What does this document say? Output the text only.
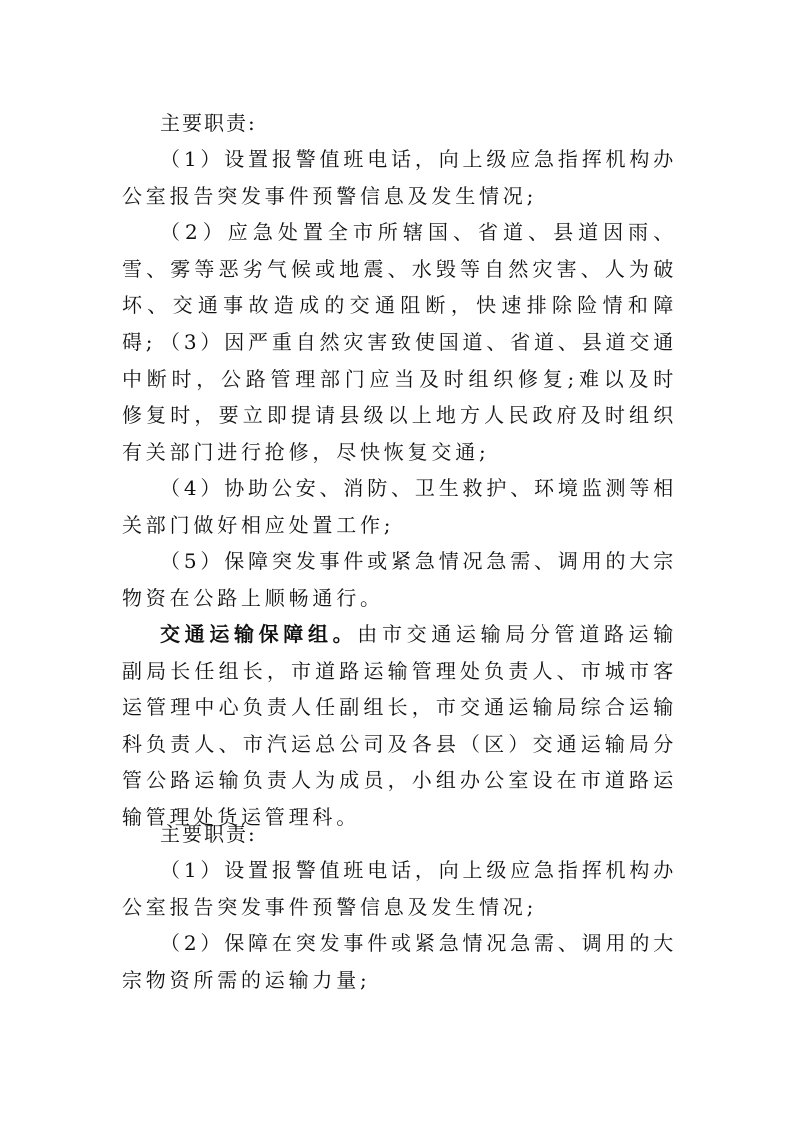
主要职责:

（1）设置报警值班电话，向上级应急指挥机构办公室报告突发事件预警信息及发生情况;

（2）应急处置全市所辖国、省道、县道因雨、雪、雾等恶劣气候或地震、水毁等自然灾害、人为破坏、交通事故造成的交通阻断，快速排除险情和障碍; （3）因严重自然灾害致使国道、省道、县道交通中断时，公路管理部门应当及时组织修复;难以及时修复时，要立即提请县级以上地方人民政府及时组织有关部门进行抢修，尽快恢复交通;

（4）协助公安、消防、卫生救护、环境监测等相关部门做好相应处置工作;

（5）保障突发事件或紧急情况急需、调用的大宗物资在公路上顺畅通行。

交通运输保障组。由市交通运输局分管道路运输副局长任组长，市道路运输管理处负责人、市城市客运管理中心负责人任副组长，市交通运输局综合运输科负责人、市汽运总公司及各县（区）交通运输局分管公路运输负责人为成员，小组办公室设在市道路运输管理处货运管理科。

主要职责:

（1）设置报警值班电话，向上级应急指挥机构办公室报告突发事件预警信息及发生情况;

（2）保障在突发事件或紧急情况急需、调用的大宗物资所需的运输力量;
